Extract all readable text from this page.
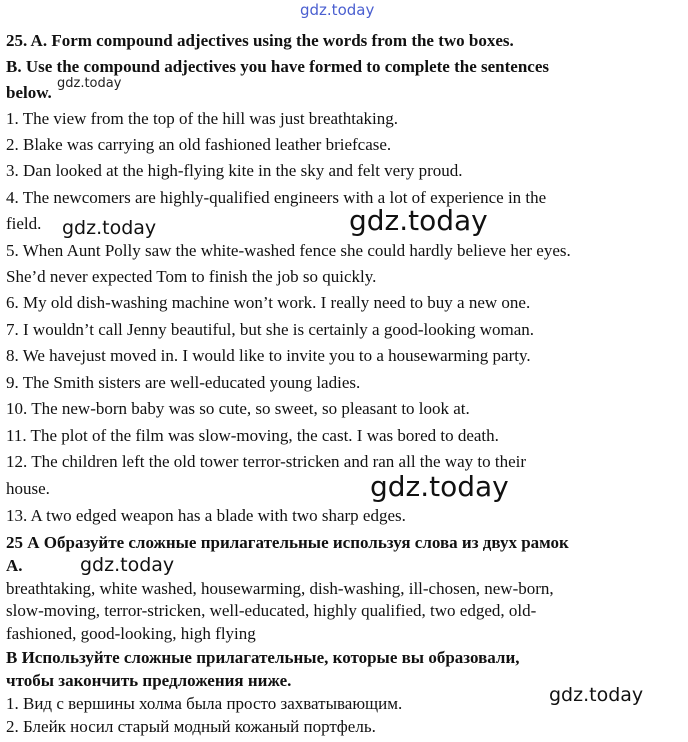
gdz.today
25. A. Form compound adjectives using the words from the two boxes.
B. Use the compound adjectives you have formed to complete the sentences
below. gdz.today
1. The view from the top of the hill was just breathtaking.
2. Blake was carrying an old fashioned leather briefcase.
3. Dan looked at the high-flying kite in the sky and felt very proud.
4. The newcomers are highly-qualified engineers with a lot of experience in the
field. gdz.today	gdz.today
5. When Aunt Polly saw the white-washed fence she could hardly believe her eyes.
She’d never expected Tom to finish the job so quickly.
6. My old dish-washing machine won’t work. I really need to buy a new one.
7. I wouldn’t call Jenny beautiful, but she is certainly a good-looking woman.
8. We havejust moved in. I would like to invite you to a housewarming party.
9. The Smith sisters are well-educated young ladies.
10. The new-born baby was so cute, so sweet, so pleasant to look at.
11. The plot of the film was slow-moving, the cast. I was bored to death.
12. The children left the old tower terror-stricken and ran all the way to their
house.	gdz.today
13. A two edged weapon has a blade with two sharp edges.
25 А Образуйте сложные прилагательные используя слова из двух рамок
А.	gdz.today
breathtaking, white washed, housewarming, dish-washing, ill-chosen, new-born,
slow-moving, terror-stricken, well-educated, highly qualified, two edged, old-
fashioned, good-looking, high flying
В Используйте сложные прилагательные, которые вы образовали,
чтобы закончить предложения ниже.
1. Вид с вершины холма была просто захватывающим.	gdz.today
2. Блейк носил старый модный кожаный портфель.
